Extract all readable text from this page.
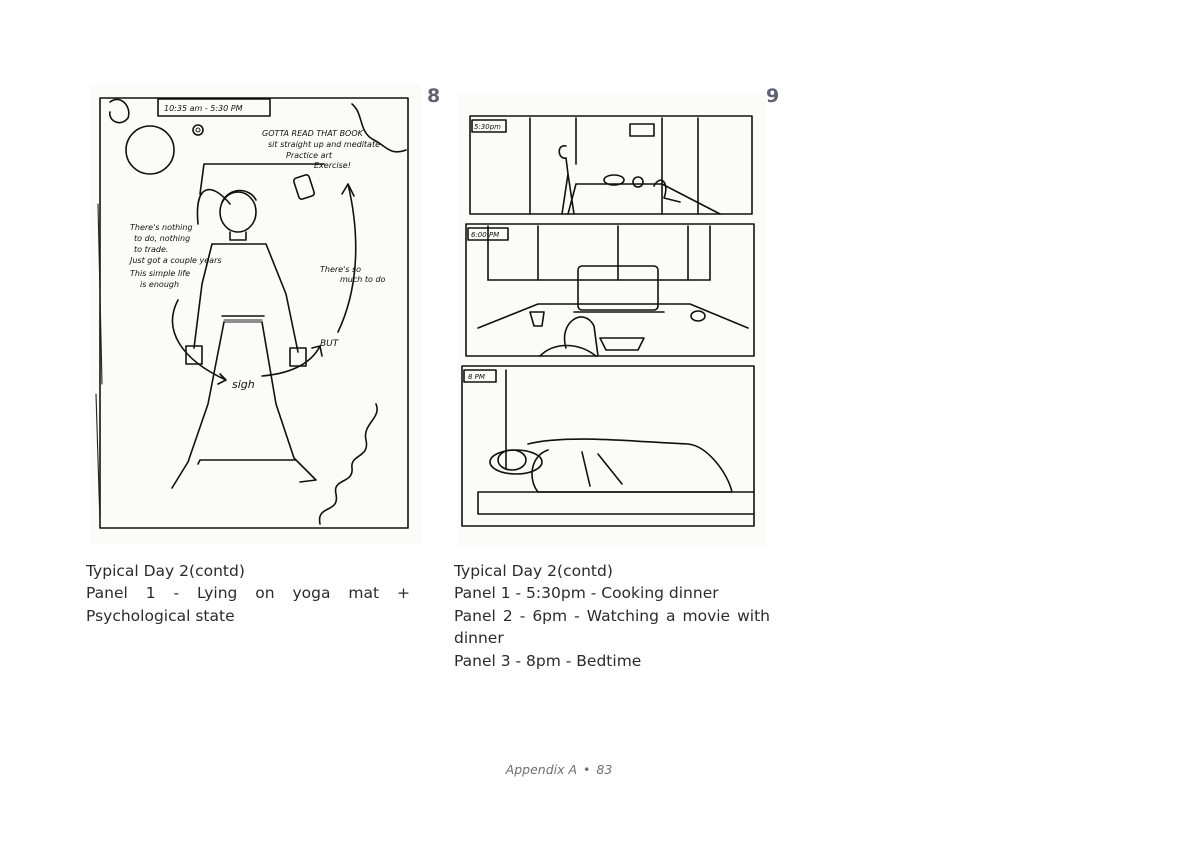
10:35 am - 5:30 PM
GOTTA READ THAT BOOK
sit straight up and meditate
Practice art
Exercise!
There's nothing
to do, nothing
to trade.
Just got a couple years
This simple life
is enough
There's so
much to do
sigh
BUT
8
5:30pm
6:00 PM
8 PM
9
Typical Day 2(contd)
Panel 1 - Lying on yoga mat + Psychological state
Typical Day 2(contd)
Panel 1 - 5:30pm - Cooking dinner
Panel 2 - 6pm - Watching a movie with dinner
Panel 3 - 8pm - Bedtime
Appendix A • 83
